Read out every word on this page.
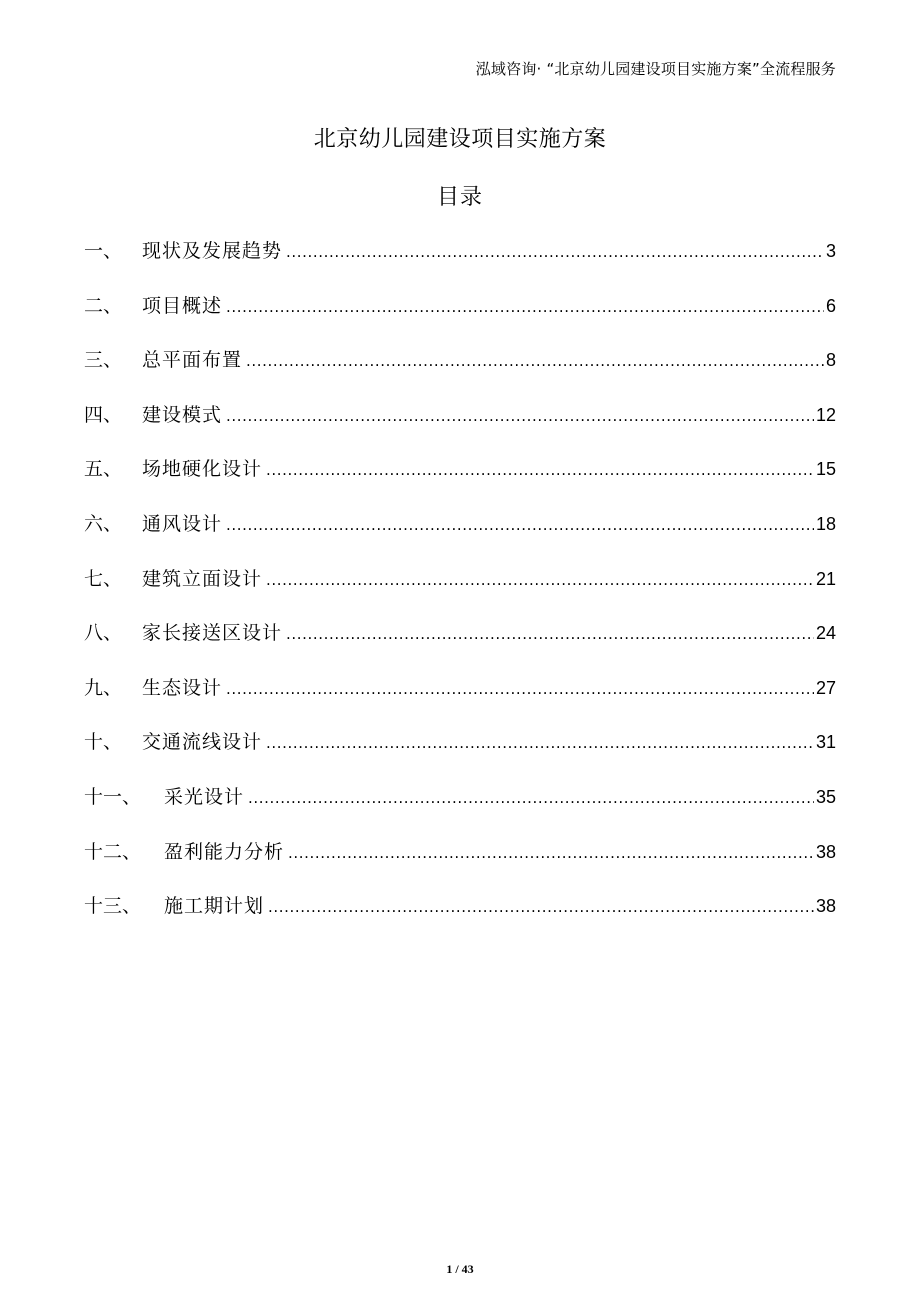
泓域咨询· “北京幼儿园建设项目实施方案”全流程服务
北京幼儿园建设项目实施方案
目录
一、	现状及发展趋势 .....	3
二、	项目概述 .....	6
三、	总平面布置 .....	8
四、	建设模式 .....	12
五、	场地硬化设计 .....	15
六、	通风设计 .....	18
七、	建筑立面设计 .....	21
八、	家长接送区设计 .....	24
九、	生态设计 .....	27
十、	交通流线设计 .....	31
十一、	采光设计 .....	35
十二、	盈利能力分析 .....	38
十三、	施工期计划 .....	38
1 / 43
